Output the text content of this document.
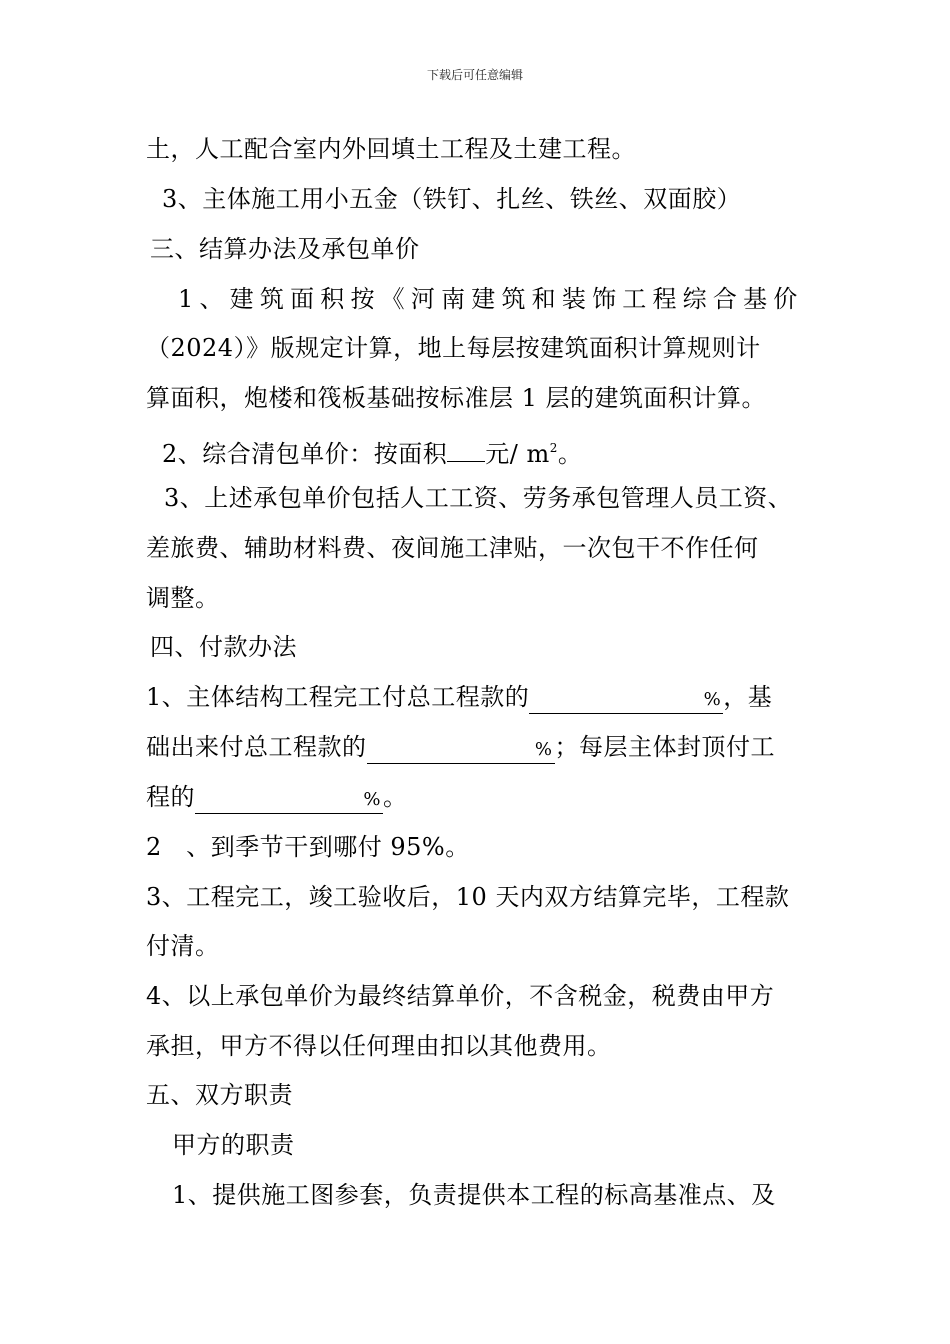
下载后可任意编辑
土，人工配合室内外回填土工程及土建工程。
3、主体施工用小五金（铁钉、扎丝、铁丝、双面胶）
三、结算办法及承包单价
1、建筑面积按《河南建筑和装饰工程综合基价
（2024）》版规定计算，地上每层按建筑面积计算规则计
算面积，炮楼和筏板基础按标准层 1 层的建筑面积计算。
2、综合清包单价：按面积 元/ $m^2$。
3、上述承包单价包括人工工资、劳务承包管理人员工资、
差旅费、辅助材料费、夜间施工津贴，一次包干不作任何
调整。
四、付款办法
1、主体结构工程完工付总工程款的	%，基
础出来付总工程款的	%；每层主体封顶付工
程的	%。
2　、到季节干到哪付 95%。
3、工程完工，竣工验收后，10 天内双方结算完毕，工程款
付清。
4、以上承包单价为最终结算单价，不含税金，税费由甲方
承担，甲方不得以任何理由扣以其他费用。
五、双方职责
甲方的职责
1、提供施工图参套，负责提供本工程的标高基准点、及
